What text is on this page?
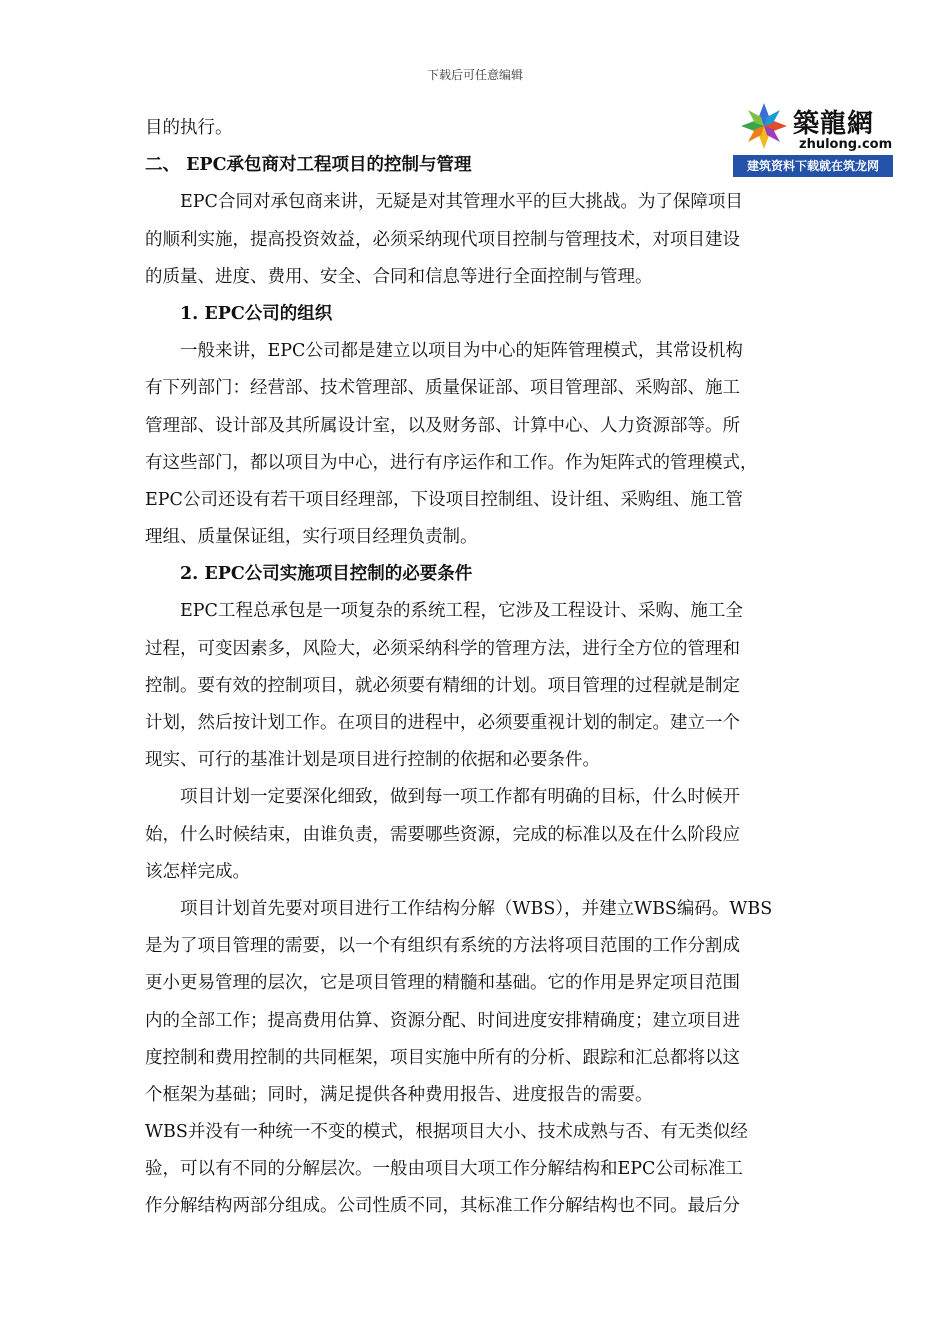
下载后可任意编辑
築龍網
zhulong.com
建筑资料下载就在筑龙网
目的执行。
二、 EPC承包商对工程项目的控制与管理
EPC合同对承包商来讲，无疑是对其管理水平的巨大挑战。为了保障项目
的顺利实施，提高投资效益，必须采纳现代项目控制与管理技术，对项目建设
的质量、进度、费用、安全、合同和信息等进行全面控制与管理。
1. EPC公司的组织
一般来讲，EPC公司都是建立以项目为中心的矩阵管理模式，其常设机构
有下列部门：经营部、技术管理部、质量保证部、项目管理部、采购部、施工
管理部、设计部及其所属设计室，以及财务部、计算中心、人力资源部等。所
有这些部门，都以项目为中心，进行有序运作和工作。作为矩阵式的管理模式，
EPC公司还设有若干项目经理部，下设项目控制组、设计组、采购组、施工管
理组、质量保证组，实行项目经理负责制。
2. EPC公司实施项目控制的必要条件
EPC工程总承包是一项复杂的系统工程，它涉及工程设计、采购、施工全
过程，可变因素多，风险大，必须采纳科学的管理方法，进行全方位的管理和
控制。要有效的控制项目，就必须要有精细的计划。项目管理的过程就是制定
计划，然后按计划工作。在项目的进程中，必须要重视计划的制定。建立一个
现实、可行的基准计划是项目进行控制的依据和必要条件。
项目计划一定要深化细致，做到每一项工作都有明确的目标，什么时候开
始，什么时候结束，由谁负责，需要哪些资源，完成的标准以及在什么阶段应
该怎样完成。
项目计划首先要对项目进行工作结构分解（WBS），并建立WBS编码。WBS
是为了项目管理的需要，以一个有组织有系统的方法将项目范围的工作分割成
更小更易管理的层次，它是项目管理的精髓和基础。它的作用是界定项目范围
内的全部工作；提高费用估算、资源分配、时间进度安排精确度；建立项目进
度控制和费用控制的共同框架，项目实施中所有的分析、跟踪和汇总都将以这
个框架为基础；同时，满足提供各种费用报告、进度报告的需要。
WBS并没有一种统一不变的模式，根据项目大小、技术成熟与否、有无类似经
验，可以有不同的分解层次。一般由项目大项工作分解结构和EPC公司标准工
作分解结构两部分组成。公司性质不同，其标准工作分解结构也不同。最后分
